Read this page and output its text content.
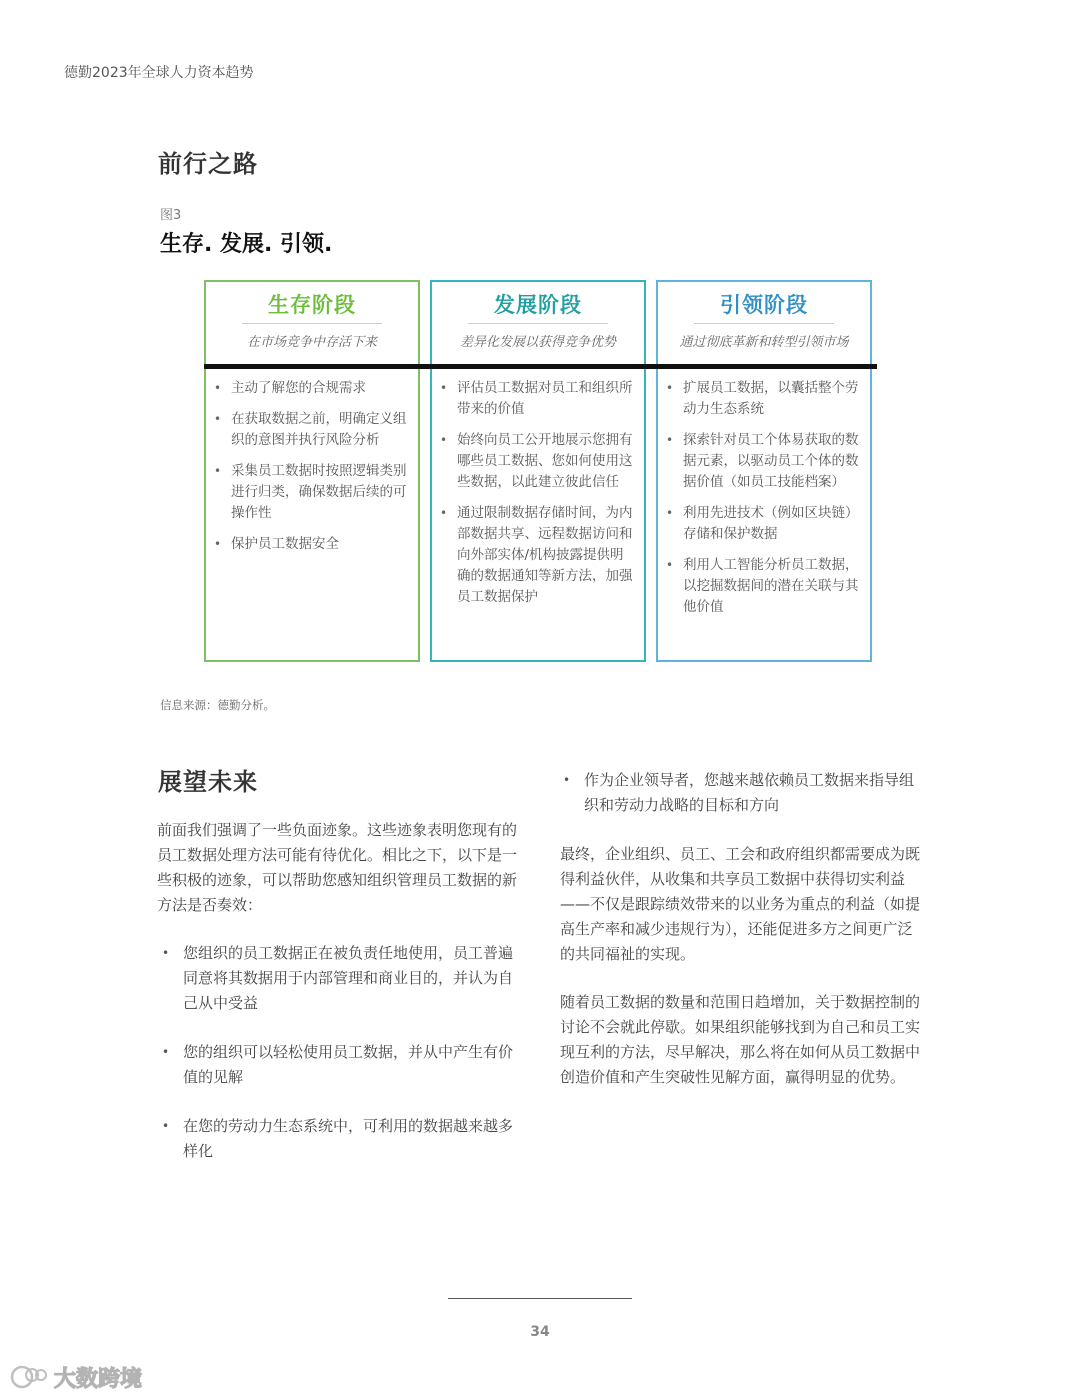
德勤2023年全球人力资本趋势
前行之路
图3
生存. 发展. 引领.
生存阶段
在市场竞争中存活下来
• 主动了解您的合规需求
• 在获取数据之前，明确定义组织的意图并执行风险分析
• 采集员工数据时按照逻辑类别进行归类，确保数据后续的可操作性
• 保护员工数据安全
发展阶段
差异化发展以获得竞争优势
• 评估员工数据对员工和组织所带来的价值
• 始终向员工公开地展示您拥有哪些员工数据、您如何使用这些数据，以此建立彼此信任
• 通过限制数据存储时间，为内部数据共享、远程数据访问和向外部实体/机构披露提供明确的数据通知等新方法，加强员工数据保护
引领阶段
通过彻底革新和转型引领市场
• 扩展员工数据，以囊括整个劳动力生态系统
• 探索针对员工个体易获取的数据元素，以驱动员工个体的数据价值（如员工技能档案）
• 利用先进技术（例如区块链）存储和保护数据
• 利用人工智能分析员工数据，以挖掘数据间的潜在关联与其他价值
信息来源：德勤分析。
展望未来
前面我们强调了一些负面迹象。这些迹象表明您现有的员工数据处理方法可能有待优化。相比之下，以下是一些积极的迹象，可以帮助您感知组织管理员工数据的新方法是否奏效：
• 您组织的员工数据正在被负责任地使用，员工普遍同意将其数据用于内部管理和商业目的，并认为自己从中受益
• 您的组织可以轻松使用员工数据，并从中产生有价值的见解
• 在您的劳动力生态系统中，可利用的数据越来越多样化
• 作为企业领导者，您越来越依赖员工数据来指导组织和劳动力战略的目标和方向
最终，企业组织、员工、工会和政府组织都需要成为既得利益伙伴，从收集和共享员工数据中获得切实利益——不仅是跟踪绩效带来的以业务为重点的利益（如提高生产率和减少违规行为），还能促进多方之间更广泛的共同福祉的实现。
随着员工数据的数量和范围日趋增加，关于数据控制的讨论不会就此停歇。如果组织能够找到为自己和员工实现互利的方法，尽早解决，那么将在如何从员工数据中创造价值和产生突破性见解方面，赢得明显的优势。
34
大数跨境
